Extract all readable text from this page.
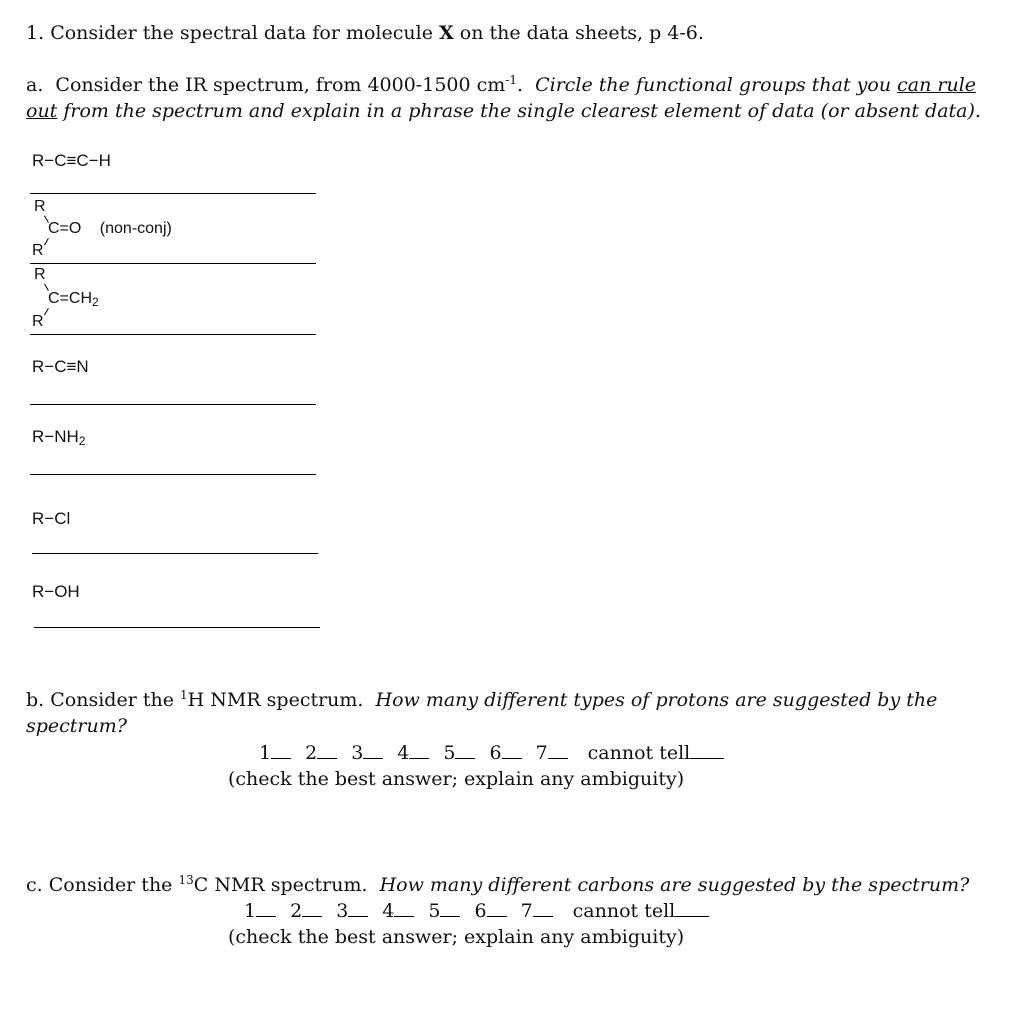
1. Consider the spectral data for molecule X on the data sheets, p 4-6.
a. Consider the IR spectrum, from 4000-1500 $cm^{-1}$. Circle the functional groups that you can rule
out from the spectrum and explain in a phrase the single clearest element of data (or absent data).
R−C≡C−H
R
C=O (non-conj)
R
R
$C=CH_2$
R
R−C≡N
$R-NH_2$
R−Cl
R−OH
b. Consider the $^1$H NMR spectrum. How many different types of protons are suggested by the
spectrum?
1 2 3 4 5 6 7 cannot tell
(check the best answer; explain any ambiguity)
c. Consider the $^{13}$C NMR spectrum. How many different carbons are suggested by the spectrum?
1 2 3 4 5 6 7 cannot tell
(check the best answer; explain any ambiguity)
